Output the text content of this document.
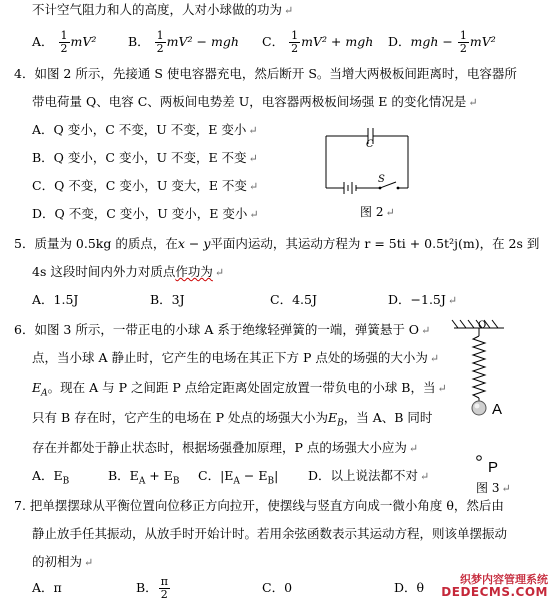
不计空气阻力和人的高度，人对小球做的功为 ↵
A． $\frac{1}{2} mV^2$	B． $\frac{1}{2} mV^2$ − mgh C． $\frac{1}{2} mV^2$ + mgh D．mgh − $\frac{1}{2} mV^2$
4．如图 2 所示，先接通 S 使电容器充电，然后断开 S。当增大两极板间距离时，电容器所
带电荷量 Q、电容 C、两板间电势差 U，电容器两极板间场强 E 的变化情况是 ↵
A．Q 变小，C 不变，U 不变，E 变小 ↵
B．Q 变小，C 变小，U 不变，E 不变 ↵
C．Q 不变，C 变小，U 变大，E 不变 ↵
D．Q 不变，C 变小，U 变小，E 变小 ↵
C
S
图 2 ↵
5．质量为 0.5kg 的质点，在x − y平面内运动，其运动方程为 r = 5ti + 0.5t²j(m)，在 2s 到
4s 这段时间内外力对质点作功为 ↵
A．1.5J	B．3J	C．4.5J	D．−1.5J ↵
6．如图 3 所示，一带正电的小球 A 系于绝缘轻弹簧的一端，弹簧悬于 O ↵
点，当小球 A 静止时，它产生的电场在其正下方 P 点处的场强的大小为 ↵
$E_A$。现在 A 与 P 之间距 P 点给定距离处固定放置一带负电的小球 B，当 ↵
只有 B 存在时，它产生的电场在 P 处点的场强大小为$E_B$，当 A、B 同时
存在并都处于静止状态时，根据场强叠加原理，P 点的场强大小应为 ↵
A．$E_B$	B．$E_A + E_B$ C．$|E_A - E_B|$ D．以上说法都不对 ↵
O
A
P
图 3 ↵
7. 把单摆摆球从平衡位置向位移正方向拉开，使摆线与竖直方向成一微小角度 θ，然后由
静止放手任其振动，从放手时开始计时。若用余弦函数表示其运动方程，则该单摆振动
的初相为 ↵
A．π	B． $\frac{\pi}{2}$	C．0	D．θ
织梦内容管理系统
DEDECMS.COM
